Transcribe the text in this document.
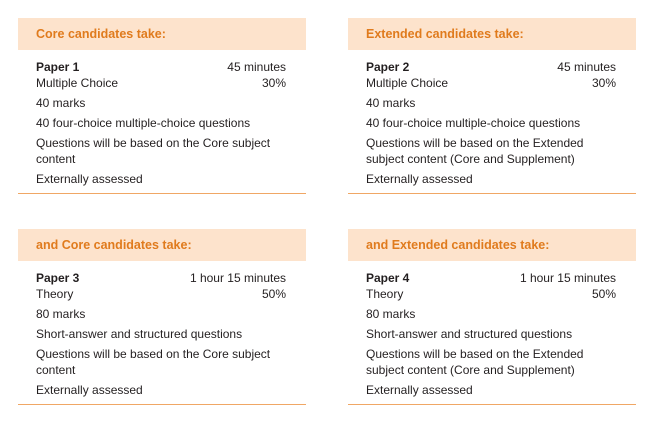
Core candidates take:
Paper 1	45 minutes
Multiple Choice	30%
40 marks
40 four-choice multiple-choice questions
Questions will be based on the Core subject content
Externally assessed
Extended candidates take:
Paper 2	45 minutes
Multiple Choice	30%
40 marks
40 four-choice multiple-choice questions
Questions will be based on the Extended subject content (Core and Supplement)
Externally assessed
and Core candidates take:
Paper 3	1 hour 15 minutes
Theory	50%
80 marks
Short-answer and structured questions
Questions will be based on the Core subject content
Externally assessed
and Extended candidates take:
Paper 4	1 hour 15 minutes
Theory	50%
80 marks
Short-answer and structured questions
Questions will be based on the Extended subject content (Core and Supplement)
Externally assessed
